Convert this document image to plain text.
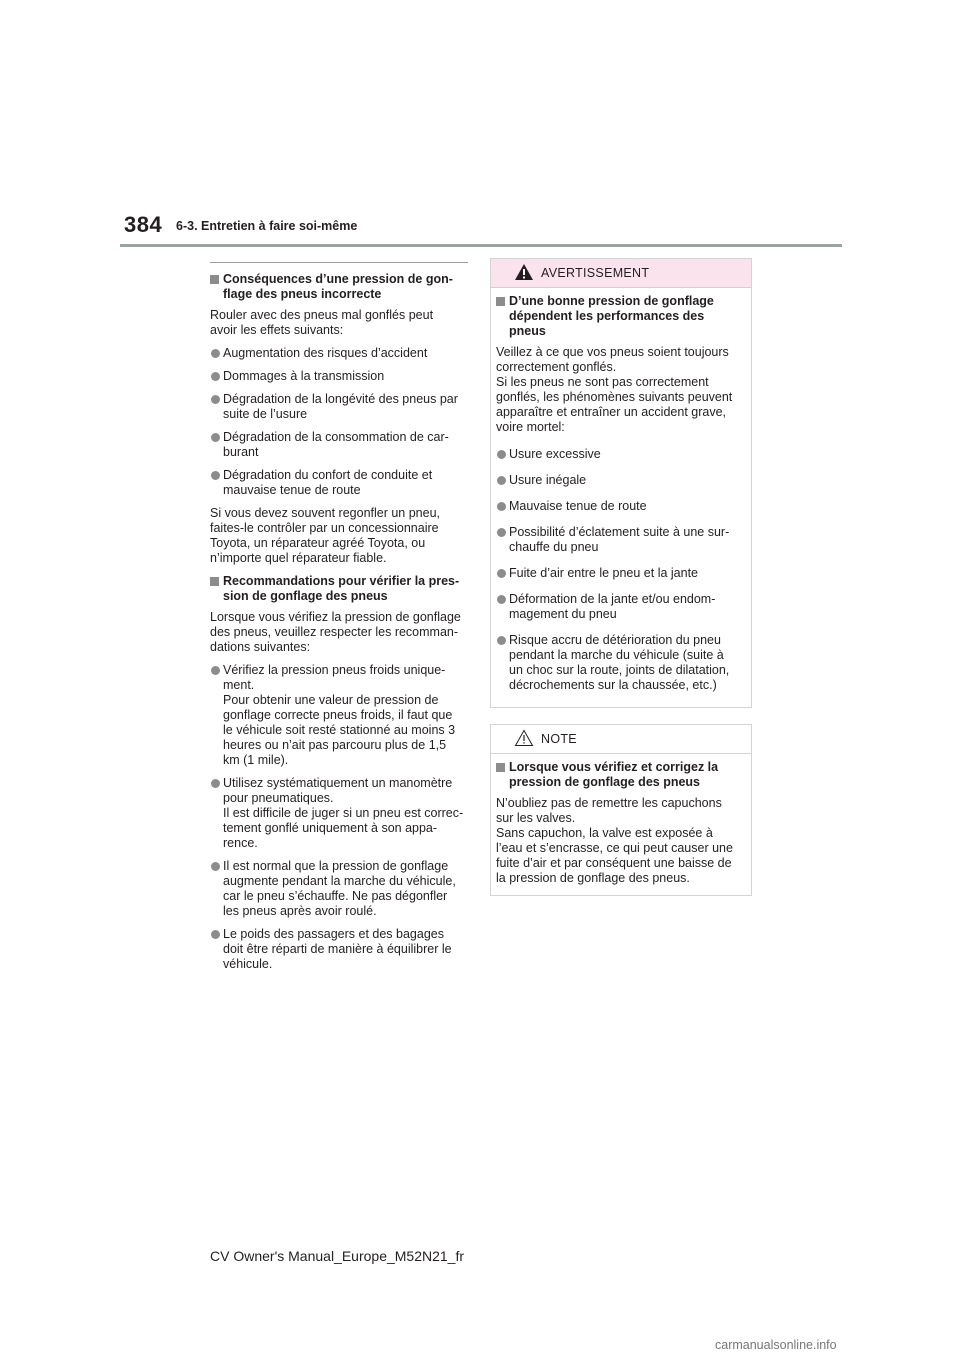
384 6-3. Entretien à faire soi-même
Conséquences d’une pression de gon-
flage des pneus incorrecte
Rouler avec des pneus mal gonflés peut
avoir les effets suivants:
Augmentation des risques d’accident
Dommages à la transmission
Dégradation de la longévité des pneus par
suite de l’usure
Dégradation de la consommation de car-
burant
Dégradation du confort de conduite et
mauvaise tenue de route
Si vous devez souvent regonfler un pneu,
faites-le contrôler par un concessionnaire
Toyota, un réparateur agréé Toyota, ou
n’importe quel réparateur fiable.
Recommandations pour vérifier la pres-
sion de gonflage des pneus
Lorsque vous vérifiez la pression de gonflage
des pneus, veuillez respecter les recomman-
dations suivantes:
Vérifiez la pression pneus froids unique-
ment.
Pour obtenir une valeur de pression de
gonflage correcte pneus froids, il faut que
le véhicule soit resté stationné au moins 3
heures ou n’ait pas parcouru plus de 1,5
km (1 mile).
Utilisez systématiquement un manomètre
pour pneumatiques.
Il est difficile de juger si un pneu est correc-
tement gonflé uniquement à son appa-
rence.
Il est normal que la pression de gonflage
augmente pendant la marche du véhicule,
car le pneu s’échauffe. Ne pas dégonfler
les pneus après avoir roulé.
Le poids des passagers et des bagages
doit être réparti de manière à équilibrer le
véhicule.
AVERTISSEMENT
D’une bonne pression de gonflage
dépendent les performances des
pneus
Veillez à ce que vos pneus soient toujours
correctement gonflés.
Si les pneus ne sont pas correctement
gonflés, les phénomènes suivants peuvent
apparaître et entraîner un accident grave,
voire mortel:
Usure excessive
Usure inégale
Mauvaise tenue de route
Possibilité d’éclatement suite à une sur-
chauffe du pneu
Fuite d’air entre le pneu et la jante
Déformation de la jante et/ou endom-
magement du pneu
Risque accru de détérioration du pneu
pendant la marche du véhicule (suite à
un choc sur la route, joints de dilatation,
décrochements sur la chaussée, etc.)
NOTE
Lorsque vous vérifiez et corrigez la
pression de gonflage des pneus
N’oubliez pas de remettre les capuchons
sur les valves.
Sans capuchon, la valve est exposée à
l’eau et s’encrasse, ce qui peut causer une
fuite d’air et par conséquent une baisse de
la pression de gonflage des pneus.
CV Owner's Manual_Europe_M52N21_fr
carmanualsonline.info
